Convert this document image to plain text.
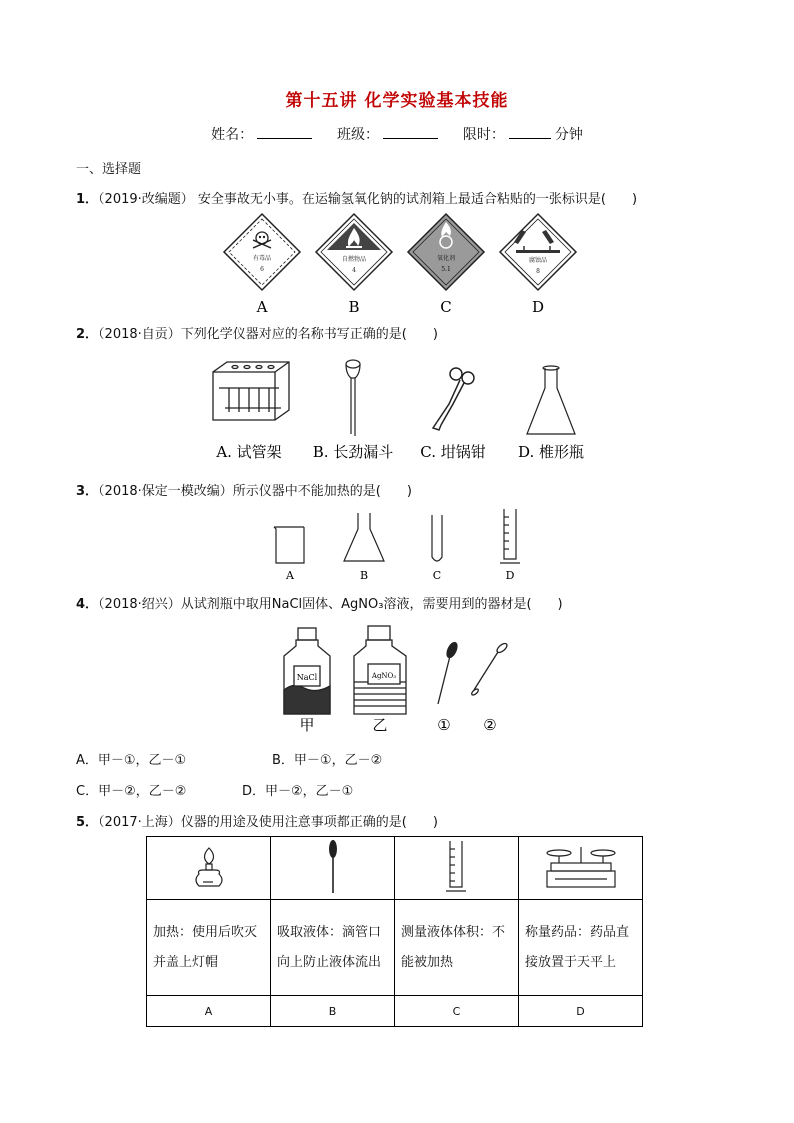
第十五讲 化学实验基本技能
姓名：	班级：	限时：	分钟
一、选择题
1．（2019·改编题） 安全事故无小事。在运输氢氧化钠的试剂箱上最适合粘贴的一张标识是(　　)
有毒品
6
A
自燃物品
4
B
氧化剂
5.1
C
腐蚀品
8
D
2．（2018·自贡）下列化学仪器对应的名称书写正确的是(　　)
A. 试管架 B. 长劲漏斗 C. 坩锅钳 D. 椎形瓶
3．（2018·保定一模改编）所示仪器中不能加热的是(　　)
A	B	C	D
4．（2018·绍兴）从试剂瓶中取用NaCl固体、AgNO₃溶液，需要用到的器材是(　　)
NaCl	AgNO₃
甲	乙	① ②
A．甲－①，乙－①	B．甲－①，乙－②
C．甲－②，乙－②	D．甲－②，乙－①
5．（2017·上海）仪器的用途及使用注意事项都正确的是(　　)

加热：使用后吹灭并盖上灯帽	吸取液体：滴管口向上防止液体流出	测量液体体积：不能被加热	称量药品：药品直接放置于天平上
A	B	C	D
